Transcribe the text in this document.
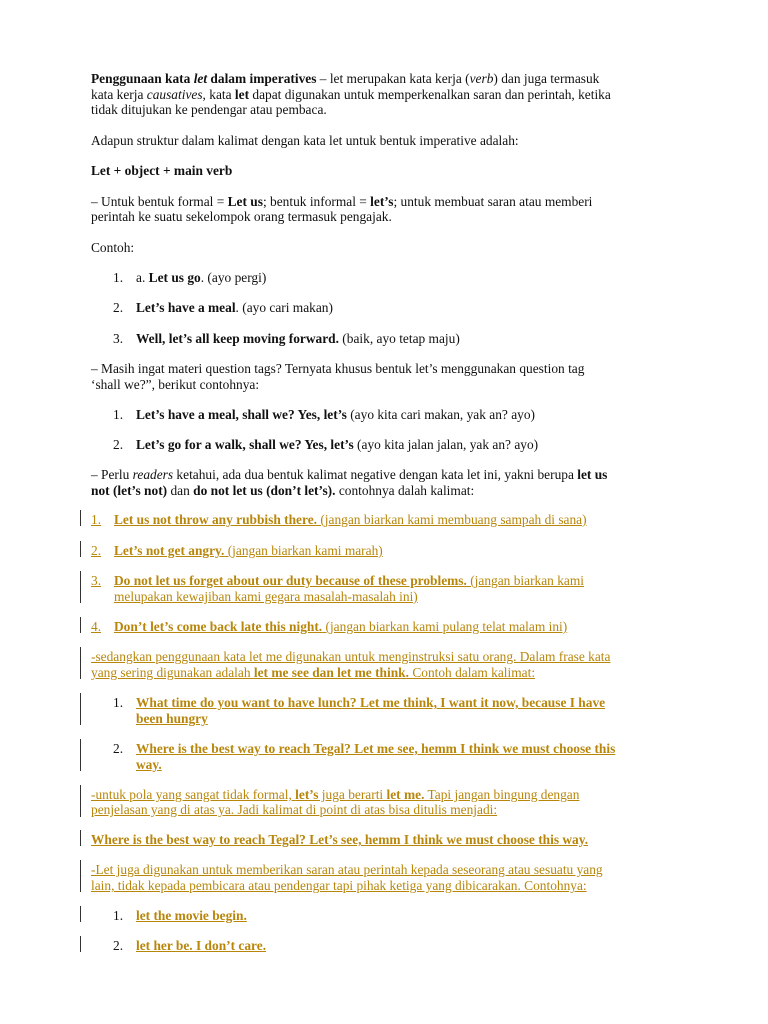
Penggunaan kata let dalam imperatives – let merupakan kata kerja (verb) dan juga termasuk
kata kerja causatives, kata let dapat digunakan untuk memperkenalkan saran dan perintah, ketika
tidak ditujukan ke pendengar atau pembaca.
Adapun struktur dalam kalimat dengan kata let untuk bentuk imperative adalah:
Let + object + main verb
– Untuk bentuk formal = Let us; bentuk informal = let’s; untuk membuat saran atau memberi
perintah ke suatu sekelompok orang termasuk pengajak.
Contoh:
1. a. Let us go. (ayo pergi)
2. Let’s have a meal. (ayo cari makan)
3. Well, let’s all keep moving forward. (baik, ayo tetap maju)
– Masih ingat materi question tags? Ternyata khusus bentuk let’s menggunakan question tag
‘shall we?”, berikut contohnya:
1. Let’s have a meal, shall we? Yes, let’s (ayo kita cari makan, yak an? ayo)
2. Let’s go for a walk, shall we? Yes, let’s (ayo kita jalan jalan, yak an? ayo)
– Perlu readers ketahui, ada dua bentuk kalimat negative dengan kata let ini, yakni berupa let us
not (let’s not) dan do not let us (don’t let’s). contohnya dalah kalimat:
1. Let us not throw any rubbish there. (jangan biarkan kami membuang sampah di sana)
2. Let’s not get angry. (jangan biarkan kami marah)
3. Do not let us forget about our duty because of these problems. (jangan biarkan kami
melupakan kewajiban kami gegara masalah-masalah ini)
4. Don’t let’s come back late this night. (jangan biarkan kami pulang telat malam ini)
-sedangkan penggunaan kata let me digunakan untuk menginstruksi satu orang. Dalam frase kata
yang sering digunakan adalah let me see dan let me think. Contoh dalam kalimat:
1. What time do you want to have lunch? Let me think, I want it now, because I have
been hungry
2. Where is the best way to reach Tegal? Let me see, hemm I think we must choose this
way.
-untuk pola yang sangat tidak formal, let’s juga berarti let me. Tapi jangan bingung dengan
penjelasan yang di atas ya. Jadi kalimat di point di atas bisa ditulis menjadi:
Where is the best way to reach Tegal? Let’s see, hemm I think we must choose this way.
-Let juga digunakan untuk memberikan saran atau perintah kepada seseorang atau sesuatu yang
lain, tidak kepada pembicara atau pendengar tapi pihak ketiga yang dibicarakan. Contohnya:
1. let the movie begin.
2. let her be. I don’t care.
